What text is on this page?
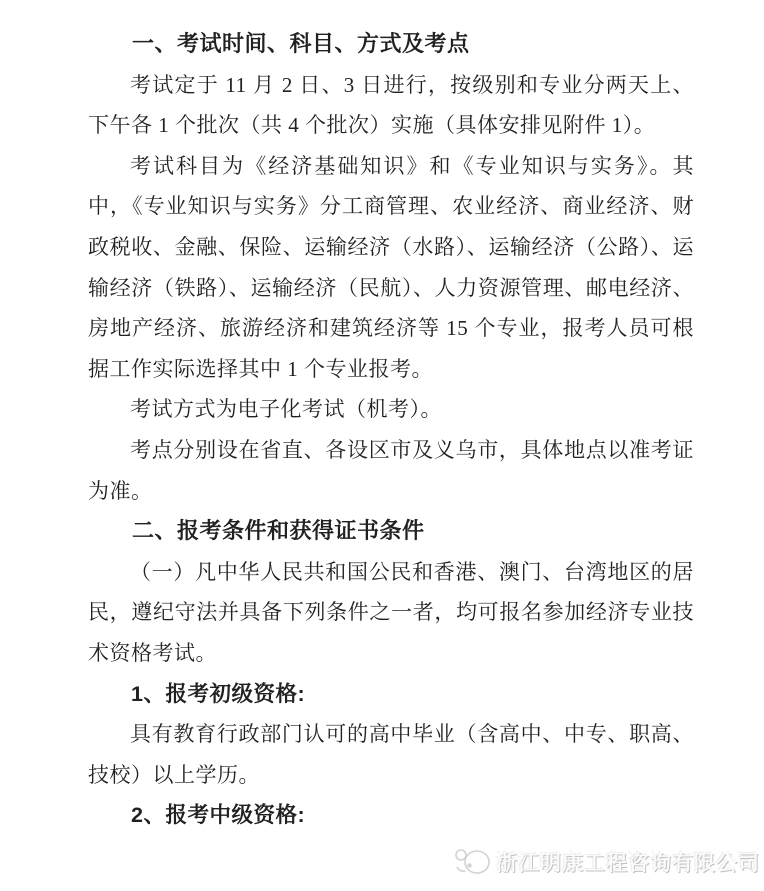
一、考试时间、科目、方式及考点

考试定于 11 月 2 日、3 日进行，按级别和专业分两天上、下午各 1 个批次（共 4 个批次）实施（具体安排见附件 1）。

考试科目为《经济基础知识》和《专业知识与实务》。其中，《专业知识与实务》分工商管理、农业经济、商业经济、财政税收、金融、保险、运输经济（水路）、运输经济（公路）、运输经济（铁路）、运输经济（民航）、人力资源管理、邮电经济、房地产经济、旅游经济和建筑经济等 15 个专业，报考人员可根据工作实际选择其中 1 个专业报考。

考试方式为电子化考试（机考）。

考点分别设在省直、各设区市及义乌市，具体地点以准考证为准。

二、报考条件和获得证书条件

（一）凡中华人民共和国公民和香港、澳门、台湾地区的居民，遵纪守法并具备下列条件之一者，均可报名参加经济专业技术资格考试。

1、报考初级资格:

具有教育行政部门认可的高中毕业（含高中、中专、职高、技校）以上学历。

2、报考中级资格:

浙江明康工程咨询有限公司
